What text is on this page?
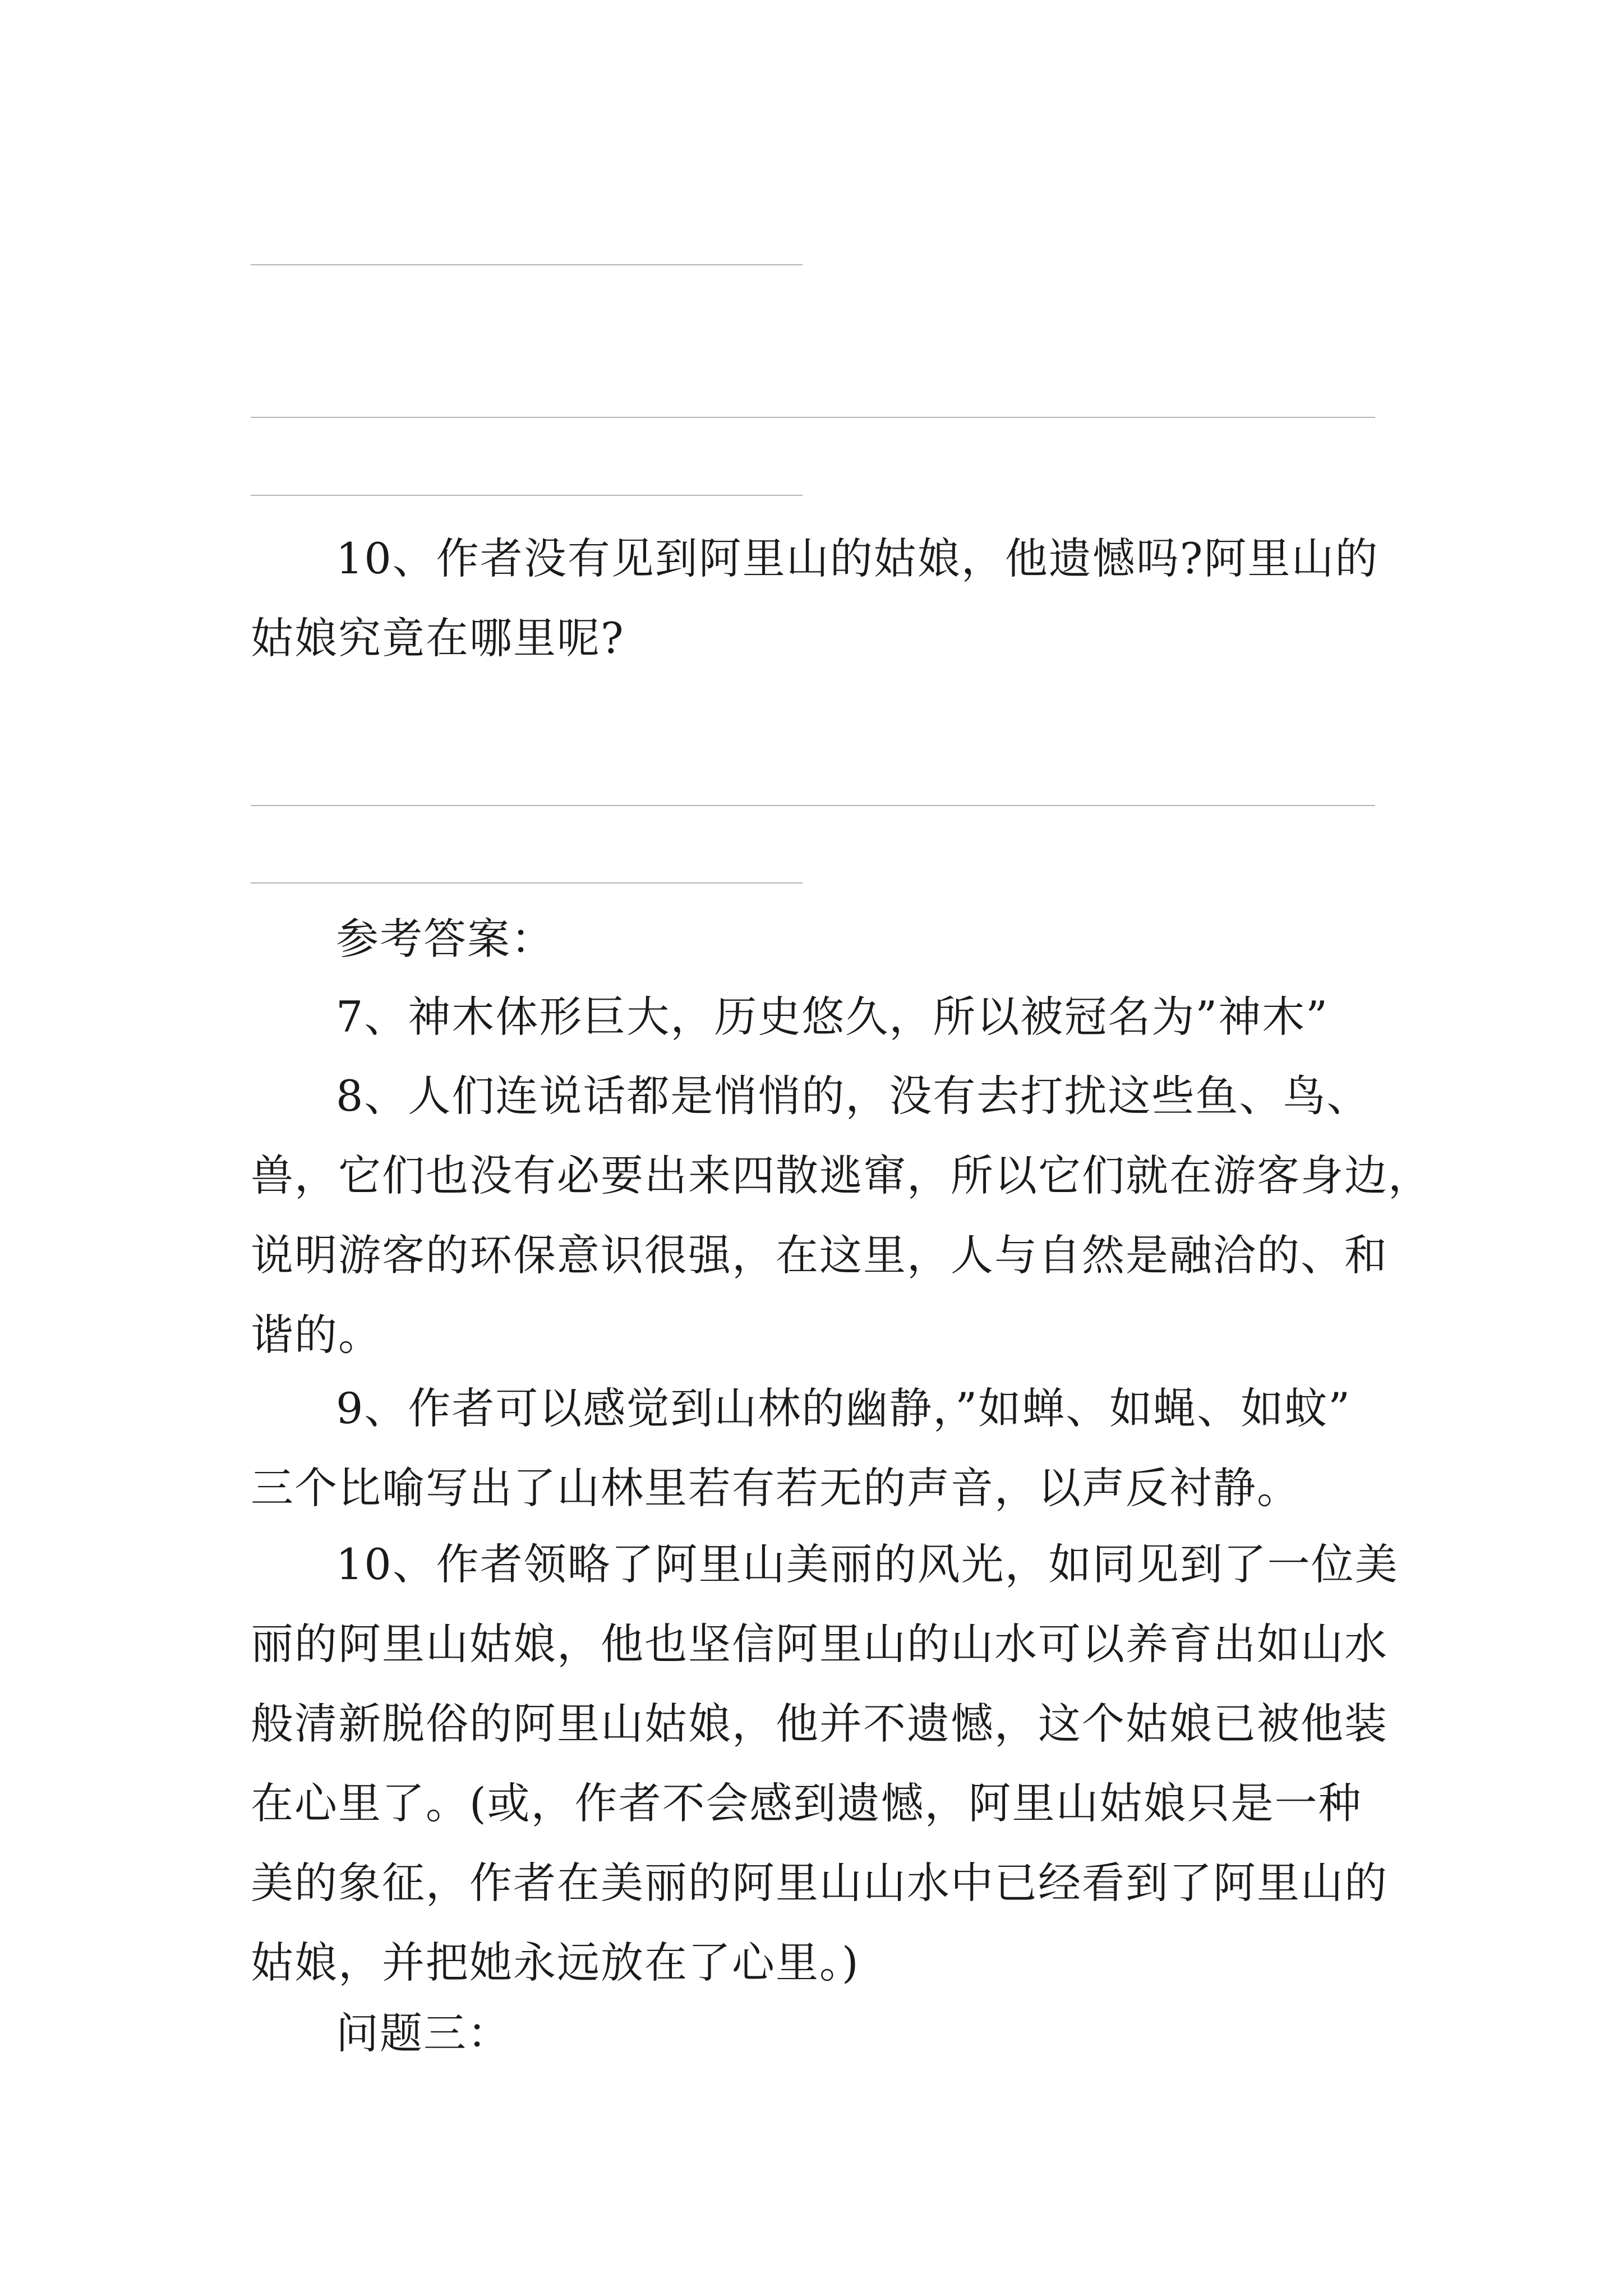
10、作者没有见到阿里山的姑娘，他遗憾吗?阿里山的
姑娘究竟在哪里呢?
参考答案：
7、神木体形巨大，历史悠久，所以被冠名为”神木”
8、人们连说话都是悄悄的，没有去打扰这些鱼、鸟、
兽，它们也没有必要出来四散逃窜，所以它们就在游客身边，
说明游客的环保意识很强，在这里，人与自然是融洽的、和
谐的。
9、作者可以感觉到山林的幽静，”如蝉、如蝇、如蚊”
三个比喻写出了山林里若有若无的声音，以声反衬静。
10、作者领略了阿里山美丽的风光，如同见到了一位美
丽的阿里山姑娘，他也坚信阿里山的山水可以养育出如山水
般清新脱俗的阿里山姑娘，他并不遗憾，这个姑娘已被他装
在心里了。(或，作者不会感到遗憾，阿里山姑娘只是一种
美的象征，作者在美丽的阿里山山水中已经看到了阿里山的
姑娘，并把她永远放在了心里。)
问题三：
